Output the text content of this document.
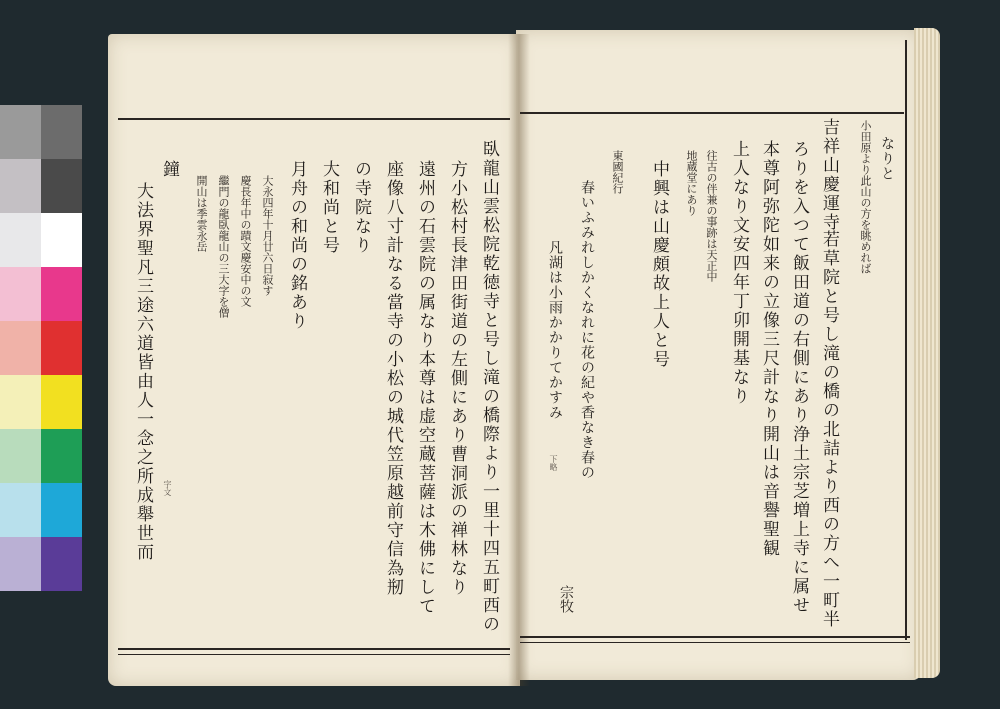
臥龍山雲松院乾徳寺と号し滝の橋際より一里十四五町西の
方小松村長津田街道の左側にあり曹洞派の禅林なり
遠州の石雲院の属なり本尊は虚空蔵菩薩は木佛にして
座像八寸計なる當寺の小松の城代笠原越前守信為剏
の寺院なり
大和尚と号
月舟の和尚の銘あり
大永四年十月廿六日寂す
慶長年中の蹟文慶安中の文
繼門の龍臥龍山の三大字を僧
開山は季雲永岳
鐘
大法界聖凡三途六道皆由人一念之所成舉世而 字文
なりと
小田原より此山の方を眺めれば
吉祥山慶運寺
若草院と号し滝の橋の北詰より西の方へ一町半
ろりを入つて飯田道の右側にあり浄土宗芝増上寺に属せ
本尊阿弥陀如来の立像三尺計なり開山は音譽聖観
上人なり文安四年丁卯開基なり
往古の伴兼の事跡は天正中
地蔵堂にあり
中興は山慶頗故上人と号
東國紀行
春いふみれしかくなれに花の紀や香なき春の
凡湖は小雨かかりてかすみ
下略
宗牧
